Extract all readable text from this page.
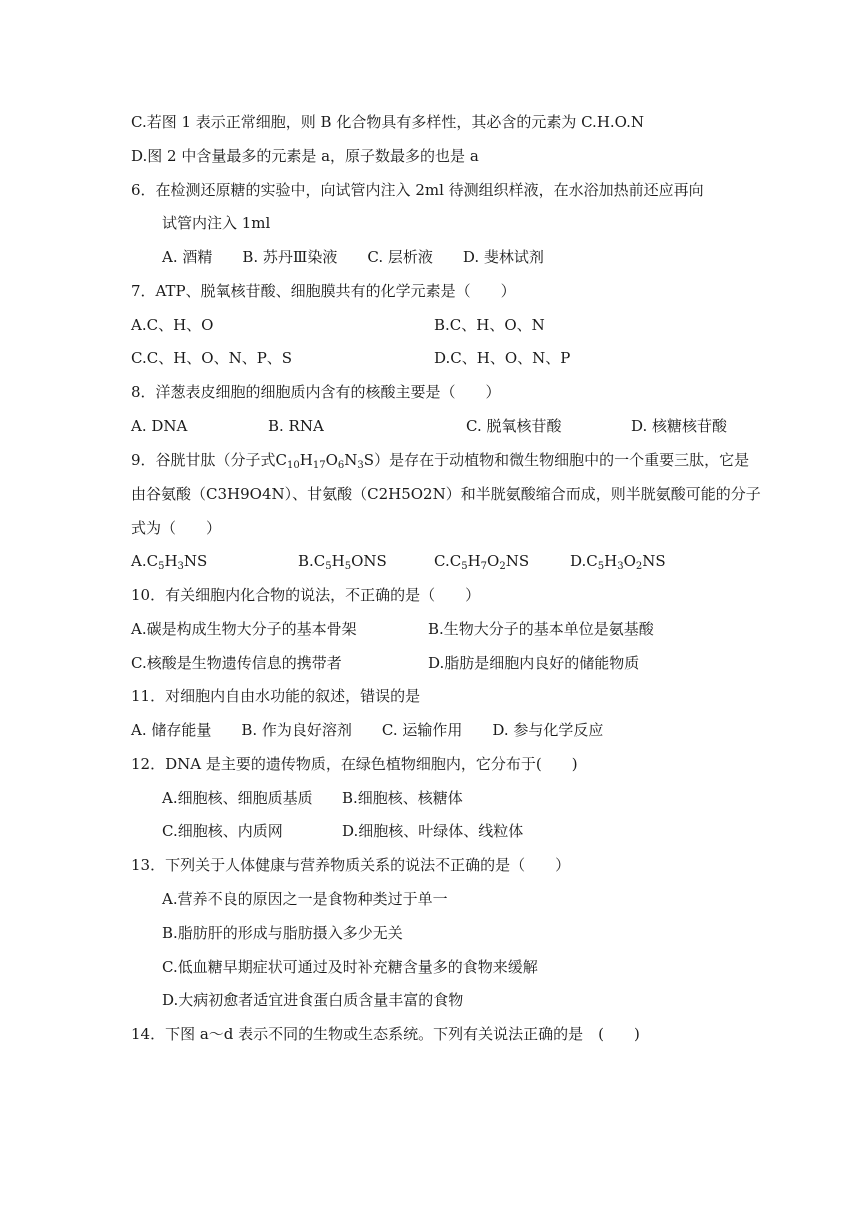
C.若图 1 表示正常细胞，则 B 化合物具有多样性，其必含的元素为 C.H.O.N
D.图 2 中含量最多的元素是 a，原子数最多的也是 a
6．在检测还原糖的实验中，向试管内注入 2ml 待测组织样液，在水浴加热前还应再向
试管内注入 1ml
A. 酒精　　B. 苏丹Ⅲ染液　　C. 层析液　　D. 斐林试剂
7．ATP、脱氧核苷酸、细胞膜共有的化学元素是（　　）
A.C、H、O	B.C、H、O、N
C.C、H、O、N、P、S	D.C、H、O、N、P
8．洋葱表皮细胞的细胞质内含有的核酸主要是（　　）
A. DNA	B. RNA	C. 脱氧核苷酸	D. 核糖核苷酸
9．谷胱甘肽（分子式$C_{10}H_{17}O_6N_3S$）是存在于动植物和微生物细胞中的一个重要三肽，它是
由谷氨酸（C3H9O4N）、甘氨酸（C2H5O2N）和半胱氨酸缩合而成，则半胱氨酸可能的分子
式为（　　）
$A.C_5H_3NS$	$B.C_5H_5ONS$	$C.C_5H_7O_2NS$	$D.C_5H_3O_2NS$
10．有关细胞内化合物的说法，不正确的是（　　）
A.碳是构成生物大分子的基本骨架	B.生物大分子的基本单位是氨基酸
C.核酸是生物遗传信息的携带者	D.脂肪是细胞内良好的储能物质
11．对细胞内自由水功能的叙述，错误的是
A. 储存能量　　B. 作为良好溶剂　　C. 运输作用　　D. 参与化学反应
12．DNA 是主要的遗传物质，在绿色植物细胞内，它分布于(　　)
A.细胞核、细胞质基质 B.细胞核、核糖体
C.细胞核、内质网	D.细胞核、叶绿体、线粒体
13．下列关于人体健康与营养物质关系的说法不正确的是（　　）
A.营养不良的原因之一是食物种类过于单一
B.脂肪肝的形成与脂肪摄入多少无关
C.低血糖早期症状可通过及时补充糖含量多的食物来缓解
D.大病初愈者适宜进食蛋白质含量丰富的食物
14．下图 a～d 表示不同的生物或生态系统。下列有关说法正确的是　(　　)
